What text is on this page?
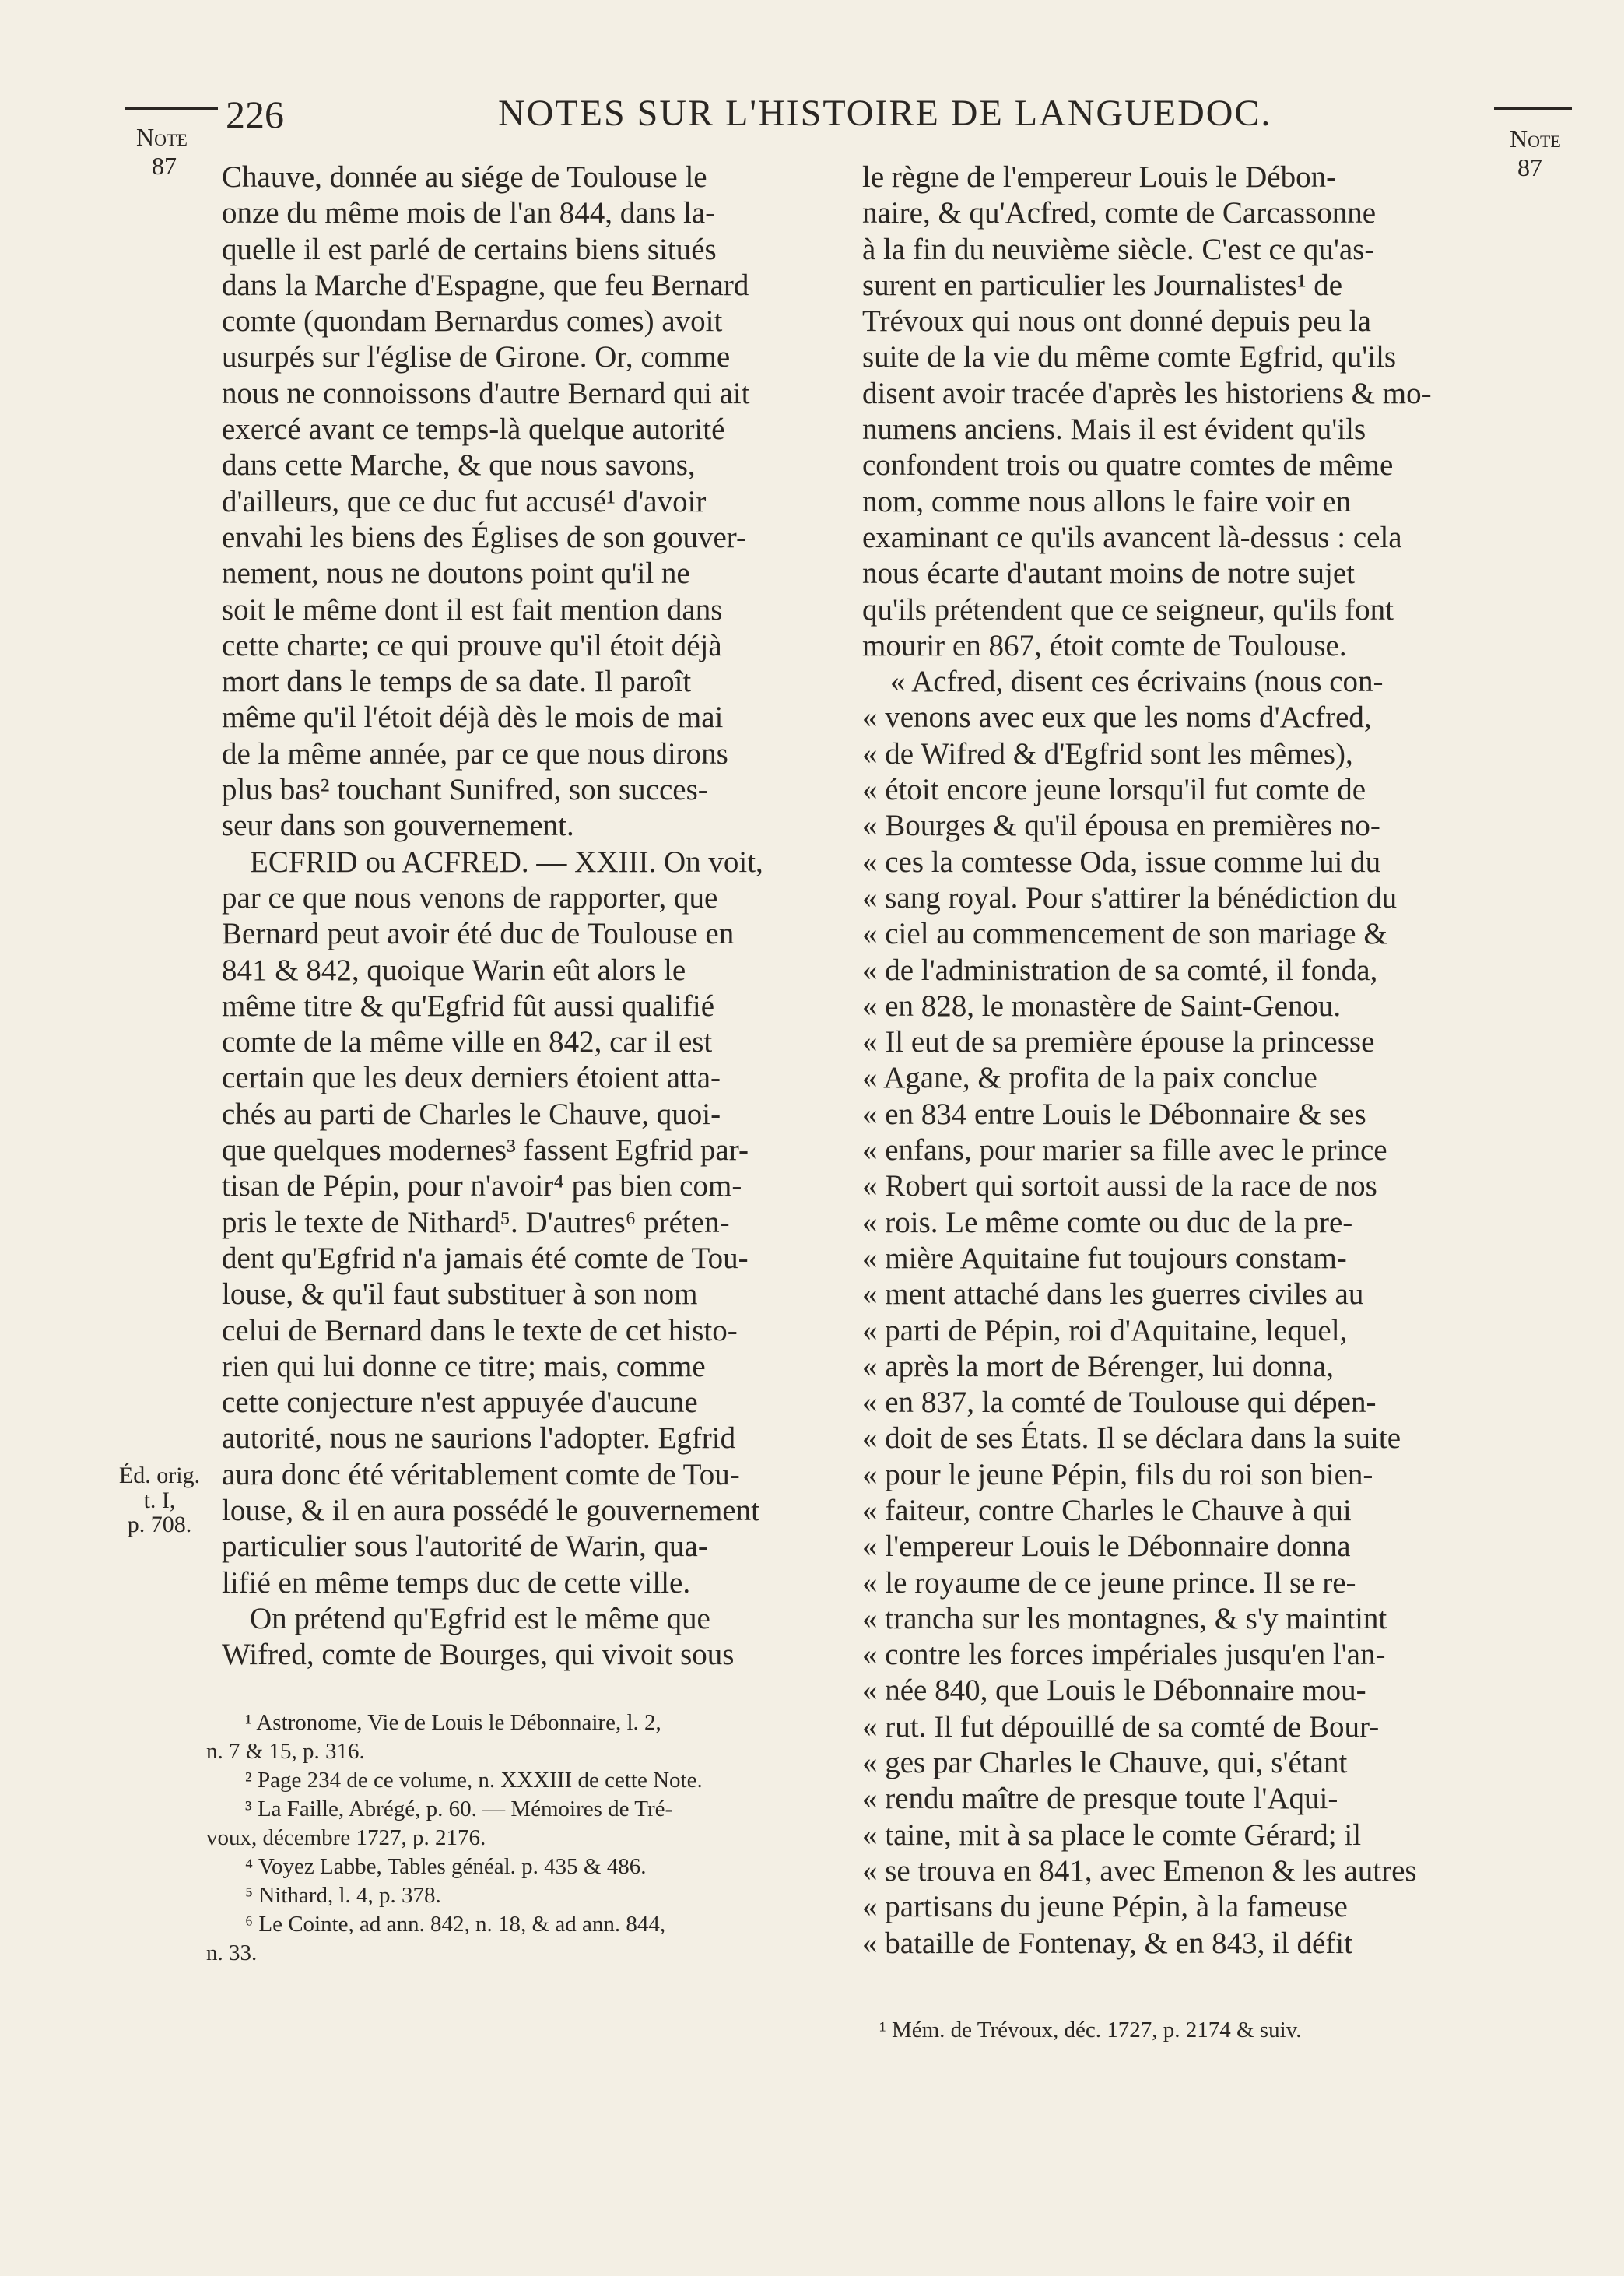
Note
87
226	NOTES SUR L'HISTOIRE DE LANGUEDOC.
Note
87
Éd. orig.
t. I,
p. 708.
Chauve, donnée au siége de Toulouse le
onze du même mois de l'an 844, dans la-
quelle il est parlé de certains biens situés
dans la Marche d'Espagne, que feu Bernard
comte (quondam Bernardus comes) avoit
usurpés sur l'église de Girone. Or, comme
nous ne connoissons d'autre Bernard qui ait
exercé avant ce temps-là quelque autorité
dans cette Marche, & que nous savons,
d'ailleurs, que ce duc fut accusé¹ d'avoir
envahi les biens des Églises de son gouver-
nement, nous ne doutons point qu'il ne
soit le même dont il est fait mention dans
cette charte; ce qui prouve qu'il étoit déjà
mort dans le temps de sa date. Il paroît
même qu'il l'étoit déjà dès le mois de mai
de la même année, par ce que nous dirons
plus bas² touchant Sunifred, son succes-
seur dans son gouvernement.
ECFRID ou ACFRED. — XXIII. On voit,
par ce que nous venons de rapporter, que
Bernard peut avoir été duc de Toulouse en
841 & 842, quoique Warin eût alors le
même titre & qu'Egfrid fût aussi qualifié
comte de la même ville en 842, car il est
certain que les deux derniers étoient atta-
chés au parti de Charles le Chauve, quoi-
que quelques modernes³ fassent Egfrid par-
tisan de Pépin, pour n'avoir⁴ pas bien com-
pris le texte de Nithard⁵. D'autres⁶ préten-
dent qu'Egfrid n'a jamais été comte de Tou-
louse, & qu'il faut substituer à son nom
celui de Bernard dans le texte de cet histo-
rien qui lui donne ce titre; mais, comme
cette conjecture n'est appuyée d'aucune
autorité, nous ne saurions l'adopter. Egfrid
aura donc été véritablement comte de Tou-
louse, & il en aura possédé le gouvernement
particulier sous l'autorité de Warin, qua-
lifié en même temps duc de cette ville.
On prétend qu'Egfrid est le même que
Wifred, comte de Bourges, qui vivoit sous
¹ Astronome, Vie de Louis le Débonnaire, l. 2,
n. 7 & 15, p. 316.
² Page 234 de ce volume, n. XXXIII de cette Note.
³ La Faille, Abrégé, p. 60. — Mémoires de Tré-
voux, décembre 1727, p. 2176.
⁴ Voyez Labbe, Tables généal. p. 435 & 486.
⁵ Nithard, l. 4, p. 378.
⁶ Le Cointe, ad ann. 842, n. 18, & ad ann. 844,
n. 33.
le règne de l'empereur Louis le Débon-
naire, & qu'Acfred, comte de Carcassonne
à la fin du neuvième siècle. C'est ce qu'as-
surent en particulier les Journalistes¹ de
Trévoux qui nous ont donné depuis peu la
suite de la vie du même comte Egfrid, qu'ils
disent avoir tracée d'après les historiens & mo-
numens anciens. Mais il est évident qu'ils
confondent trois ou quatre comtes de même
nom, comme nous allons le faire voir en
examinant ce qu'ils avancent là-dessus : cela
nous écarte d'autant moins de notre sujet
qu'ils prétendent que ce seigneur, qu'ils font
mourir en 867, étoit comte de Toulouse.
« Acfred, disent ces écrivains (nous con-
« venons avec eux que les noms d'Acfred,
« de Wifred & d'Egfrid sont les mêmes),
« étoit encore jeune lorsqu'il fut comte de
« Bourges & qu'il épousa en premières no-
« ces la comtesse Oda, issue comme lui du
« sang royal. Pour s'attirer la bénédiction du
« ciel au commencement de son mariage &
« de l'administration de sa comté, il fonda,
« en 828, le monastère de Saint-Genou.
« Il eut de sa première épouse la princesse
« Agane, & profita de la paix conclue
« en 834 entre Louis le Débonnaire & ses
« enfans, pour marier sa fille avec le prince
« Robert qui sortoit aussi de la race de nos
« rois. Le même comte ou duc de la pre-
« mière Aquitaine fut toujours constam-
« ment attaché dans les guerres civiles au
« parti de Pépin, roi d'Aquitaine, lequel,
« après la mort de Bérenger, lui donna,
« en 837, la comté de Toulouse qui dépen-
« doit de ses États. Il se déclara dans la suite
« pour le jeune Pépin, fils du roi son bien-
« faiteur, contre Charles le Chauve à qui
« l'empereur Louis le Débonnaire donna
« le royaume de ce jeune prince. Il se re-
« trancha sur les montagnes, & s'y maintint
« contre les forces impériales jusqu'en l'an-
« née 840, que Louis le Débonnaire mou-
« rut. Il fut dépouillé de sa comté de Bour-
« ges par Charles le Chauve, qui, s'étant
« rendu maître de presque toute l'Aqui-
« taine, mit à sa place le comte Gérard; il
« se trouva en 841, avec Emenon & les autres
« partisans du jeune Pépin, à la fameuse
« bataille de Fontenay, & en 843, il défit
¹ Mém. de Trévoux, déc. 1727, p. 2174 & suiv.
